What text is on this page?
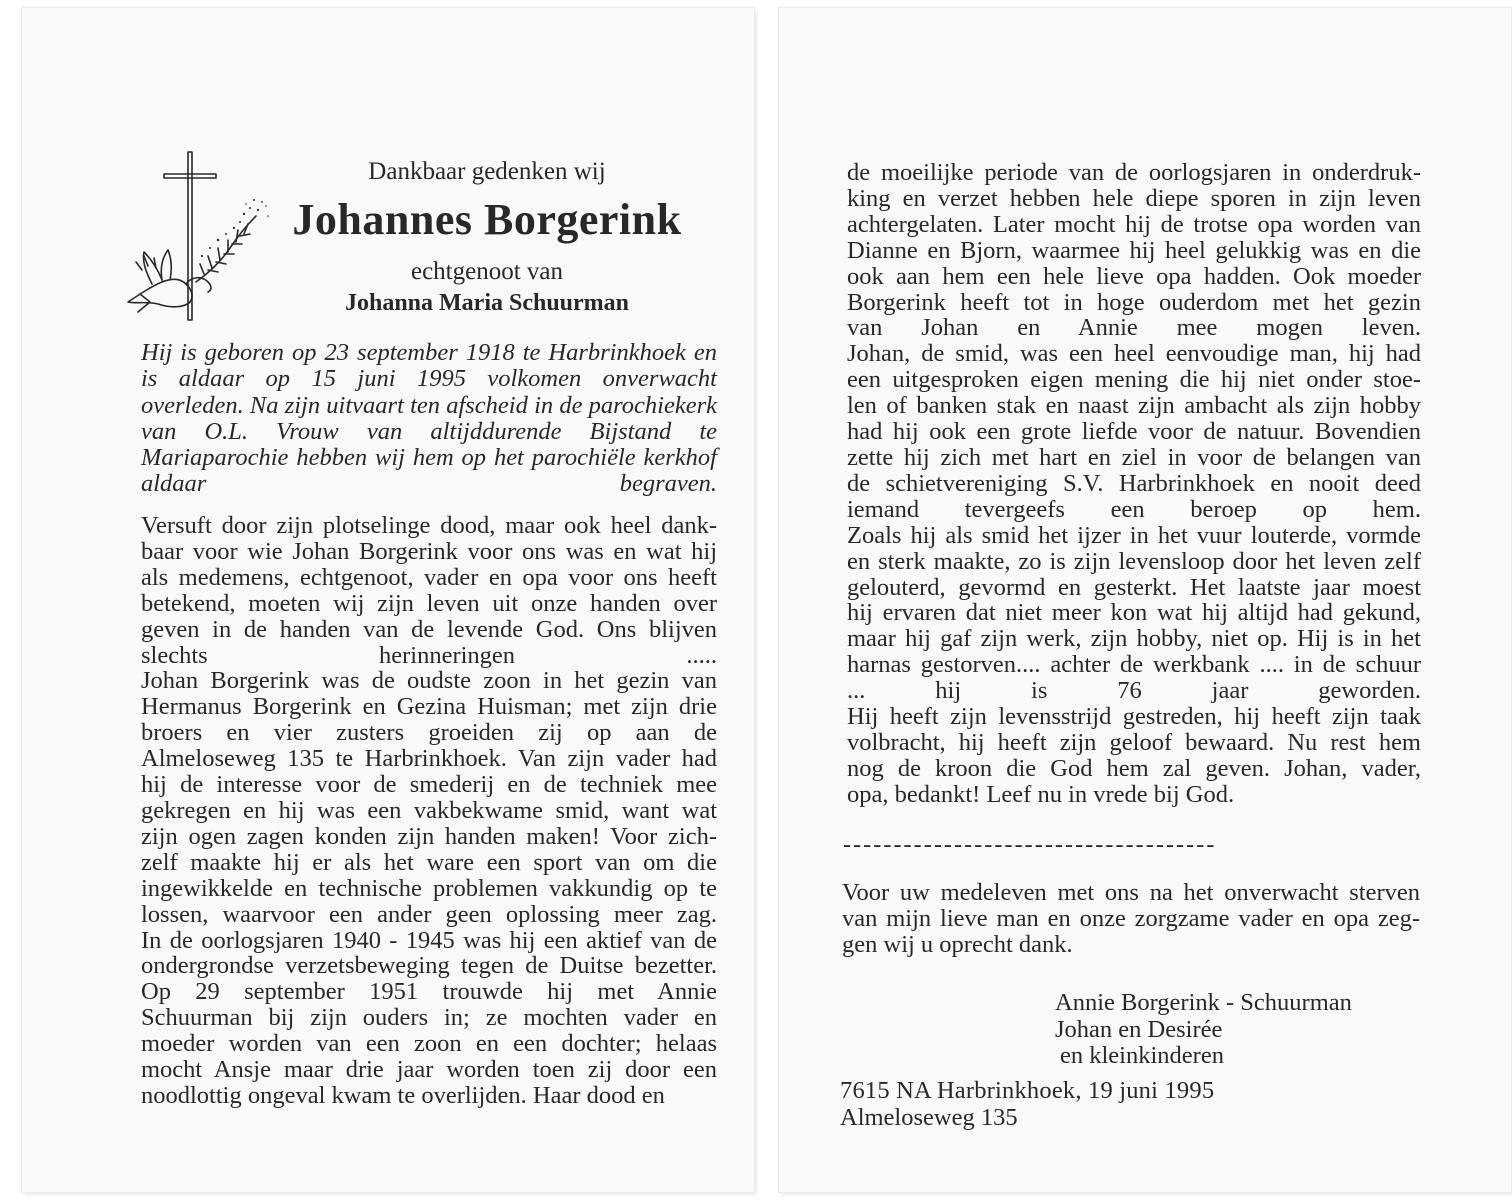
Dankbaar gedenken wij

Johannes Borgerink

echtgenoot van

Johanna Maria Schuurman

Hij is geboren op 23 september 1918 te Harbrinkhoek en is aldaar op 15 juni 1995 volkomen onverwacht overleden. Na zijn uitvaart ten afscheid in de parochiekerk van O.L. Vrouw van altijddurende Bijstand te Mariaparochie hebben wij hem op het parochiële kerkhof aldaar begraven.

Versuft door zijn plotselinge dood, maar ook heel dank-
baar voor wie Johan Borgerink voor ons was en wat hij
als medemens, echtgenoot, vader en opa voor ons heeft
betekend, moeten wij zijn leven uit onze handen over
geven in de handen van de levende God. Ons blijven
slechts herinneringen .....
Johan Borgerink was de oudste zoon in het gezin van
Hermanus Borgerink en Gezina Huisman; met zijn drie
broers en vier zusters groeiden zij op aan de
Almeloseweg 135 te Harbrinkhoek. Van zijn vader had
hij de interesse voor de smederij en de techniek mee
gekregen en hij was een vakbekwame smid, want wat
zijn ogen zagen konden zijn handen maken! Voor zich-
zelf maakte hij er als het ware een sport van om die
ingewikkelde en technische problemen vakkundig op te
lossen, waarvoor een ander geen oplossing meer zag.
In de oorlogsjaren 1940 - 1945 was hij een aktief van de
ondergrondse verzetsbeweging tegen de Duitse bezetter.
Op 29 september 1951 trouwde hij met Annie
Schuurman bij zijn ouders in; ze mochten vader en
moeder worden van een zoon en een dochter; helaas
mocht Ansje maar drie jaar worden toen zij door een
noodlottig ongeval kwam te overlijden. Haar dood en
de moeilijke periode van de oorlogsjaren in onderdruk-
king en verzet hebben hele diepe sporen in zijn leven
achtergelaten. Later mocht hij de trotse opa worden van
Dianne en Bjorn, waarmee hij heel gelukkig was en die
ook aan hem een hele lieve opa hadden. Ook moeder
Borgerink heeft tot in hoge ouderdom met het gezin
van Johan en Annie mee mogen leven.
Johan, de smid, was een heel eenvoudige man, hij had
een uitgesproken eigen mening die hij niet onder stoe-
len of banken stak en naast zijn ambacht als zijn hobby
had hij ook een grote liefde voor de natuur. Bovendien
zette hij zich met hart en ziel in voor de belangen van
de schietvereniging S.V. Harbrinkhoek en nooit deed
iemand tevergeefs een beroep op hem.
Zoals hij als smid het ijzer in het vuur louterde, vormde
en sterk maakte, zo is zijn levensloop door het leven zelf
gelouterd, gevormd en gesterkt. Het laatste jaar moest
hij ervaren dat niet meer kon wat hij altijd had gekund,
maar hij gaf zijn werk, zijn hobby, niet op. Hij is in het
harnas gestorven.... achter de werkbank .... in de schuur
... hij is 76 jaar geworden.
Hij heeft zijn levensstrijd gestreden, hij heeft zijn taak
volbracht, hij heeft zijn geloof bewaard. Nu rest hem
nog de kroon die God hem zal geven. Johan, vader,
opa, bedankt! Leef nu in vrede bij God.

-------------------------------------

Voor uw medeleven met ons na het onverwacht sterven
van mijn lieve man en onze zorgzame vader en opa zeg-
gen wij u oprecht dank.
Annie Borgerink - Schuurman
Johan en Desirée
en kleinkinderen
7615 NA Harbrinkhoek, 19 juni 1995
Almeloseweg 135
